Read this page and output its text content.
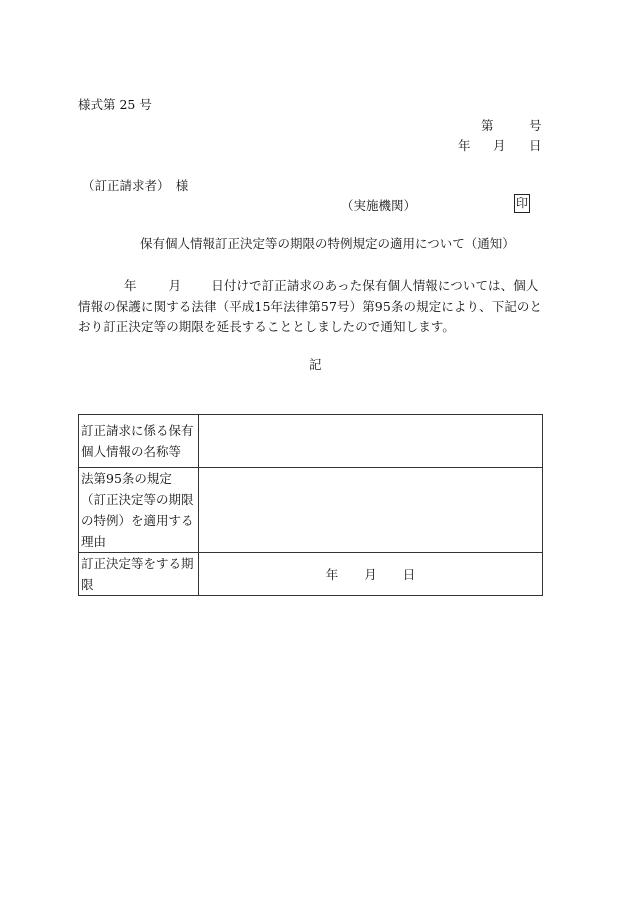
様式第 25 号
第	号
年 月 日
（訂正請求者）　様
（実施機関）	印
保有個人情報訂正決定等の期限の特例規定の適用について（通知）
年	月 日付けで訂正請求のあった保有個人情報については、個人情報の保護に関する法律（平成15年法律第57号）第95条の規定により、下記のとおり訂正決定等の期限を延長することとしましたので通知します。
記
訂正請求に係る保有個人情報の名称等	
法第95条の規定（訂正決定等の期限の特例）を適用する理由	
訂正決定等をする期限	年 月 日
